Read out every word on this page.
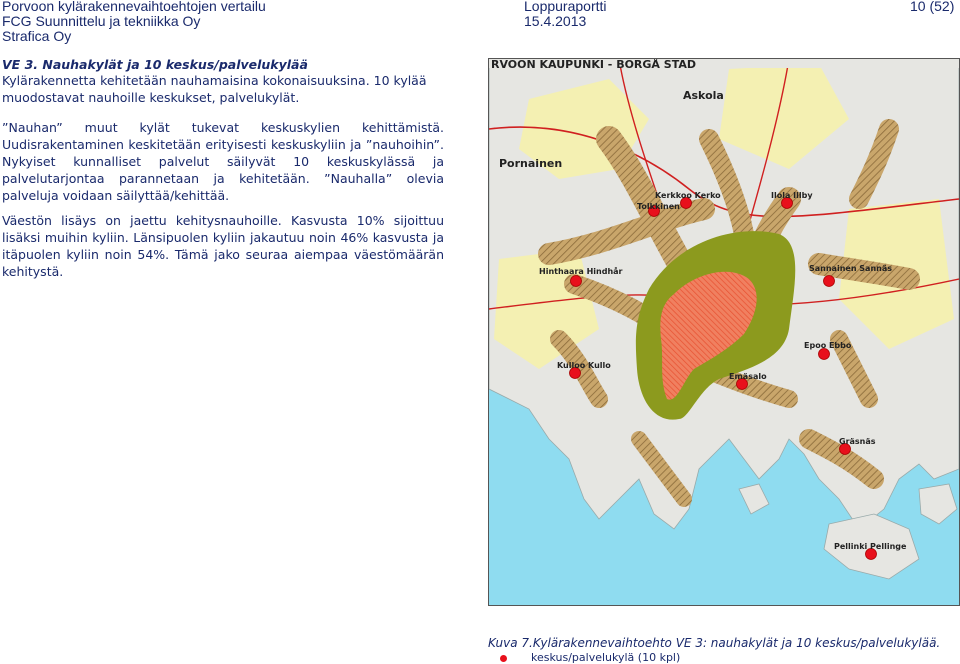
Porvoon kylärakennevaihtoehtojen vertailu
FCG Suunnittelu ja tekniikka Oy
Strafica Oy
Loppuraportti
15.4.2013
10 (52)
VE 3. Nauhakylät ja 10 keskus/palvelukylää
Kylärakennetta kehitetään nauhamaisina kokonaisuuksina. 10 kylää muodostavat nauhoille keskukset, palvelukylät.
”Nauhan” muut kylät tukevat keskuskylien kehittämistä. Uudisrakentaminen keskitetään erityisesti keskuskyliin ja ”nauhoihin”. Nykyiset kunnalliset palvelut säilyvät 10 keskuskylässä ja palvelutarjontaa parannetaan ja kehitetään. ”Nauhalla” olevia palveluja voidaan säilyttää/kehittää.
Väestön lisäys on jaettu kehitysnauhoille. Kasvusta 10% sijoittuu lisäksi muihin kyliin. Länsipuolen kyliin jakautuu noin 46% kasvusta ja itäpuolen kyliin noin 54%. Tämä jako seuraa aiempaa väestömäärän kehitystä.
Askola
Pornainen
Kerkkoo Kerko
Tolkkinen
Ilola Illby
Hinthaara Hindhår	Sannainen Sannäs
Kulloo Kullo
Epoo Ebbo
Emäsalo
Gräsnäs
Pellinki Pellinge
RVOON KAUPUNKI - BORGÅ STAD
Kuva 7.Kylärakennevaihtoehto VE 3: nauhakylät ja 10 keskus/palvelukylää.
keskus/palvelukylä (10 kpl)
